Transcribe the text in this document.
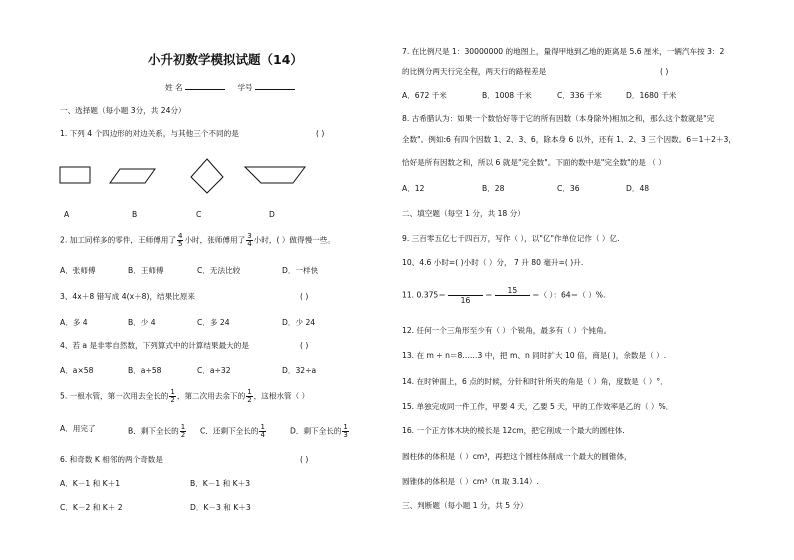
小升初数学模拟试题（14）
姓 名	学号
一、选择题（每小题 3分，共 24分）
1. 下列 4 个四边形的对边关系，与其他三个不同的是	( )
A	B	C	D
2. 加工同样多的零件，王师傅用了 $\frac{4}{5}$ 小时，张师傅用了 $\frac{3}{4}$ 小时，( ）做得慢一些。
A．张师傅	B．王师傅	C．无法比较	D．一样快
3、4x＋8 错写成 4(x＋8)，结果比原来	( )
A．多 4	B．少 4	C．多 24	D．少 24
4、若 a 是非零自然数，下列算式中的计算结果最大的是	( )
A．a×58	B．a÷58	C．a÷32	D．32÷a
5. 一根水管，第一次用去全长的 $\frac{1}{2}$ ，第二次用去余下的 $\frac{1}{2}$ ，这根水管（ ）
A．用完了	B．剩下全长的 $\frac{1}{2}$ C．还剩下全长的 $\frac{1}{4}$	D．剩下全长的 $\frac{1}{3}$
6. 和奇数 K 相邻的两个奇数是	( )
A．K－1 和 K＋1	B．K－1 和 K＋3
C．K－2 和 K＋ 2	D．K－3 和 K＋3
7. 在比例尺是 1：30000000 的地图上，量得甲地到乙地的距离是 5.6 厘米，一辆汽车按 3：2
的比例分两天行完全程，两天行的路程差是	( )
A．672 千米	B．1008 千米	C．336 千米	D．1680 千米
8. 古希腊认为：如果一个数恰好等于它的所有因数（本身除外)相加之和，那么这个数就是"完
全数"。例如:6 有四个因数 1、2、3、6，除本身 6 以外，还有 1、2、3 三个因数。6＝1＋2＋3，
恰好是所有因数之和，所以 6 就是"完全数"。下面的数中是"完全数"的是 （ ）
A．12	B．28	C．36	D．48
二、填空题（每空 1 分，共 18 分）
9. 三百零五亿七千四百万，写作（ ），以"亿"作单位记作（ ）亿.
10、4.6 小时=( )小时（ ）分， 7 升 80 毫升=( )升.
11. 0.375＝

16
＝
15

＝（ ）：64＝（ ）%.
12. 任何一个三角形至少有（ ）个锐角，最多有（ ）个钝角。
13. 在 m ÷ n＝8……3 中，把 m、n 同时扩大 10 倍，商是( )，余数是（ ）.
14. 在时钟面上，6 点的时候，分针和时针所夹的角是（ ）角，度数是（ ）°．
15. 单独完成同一件工作，甲要 4 天，乙要 5 天，甲的工作效率是乙的（ ）%．
16. 一个正方体木块的棱长是 12cm，把它削成一个最大的圆柱体.
圆柱体的体积是（ ）cm³，再把这个圆柱体削成一个最大的圆锥体，
圆锥体的体积是（ ）cm³（π 取 3.14）.
三、判断题（每小题 1 分，共 5 分）
